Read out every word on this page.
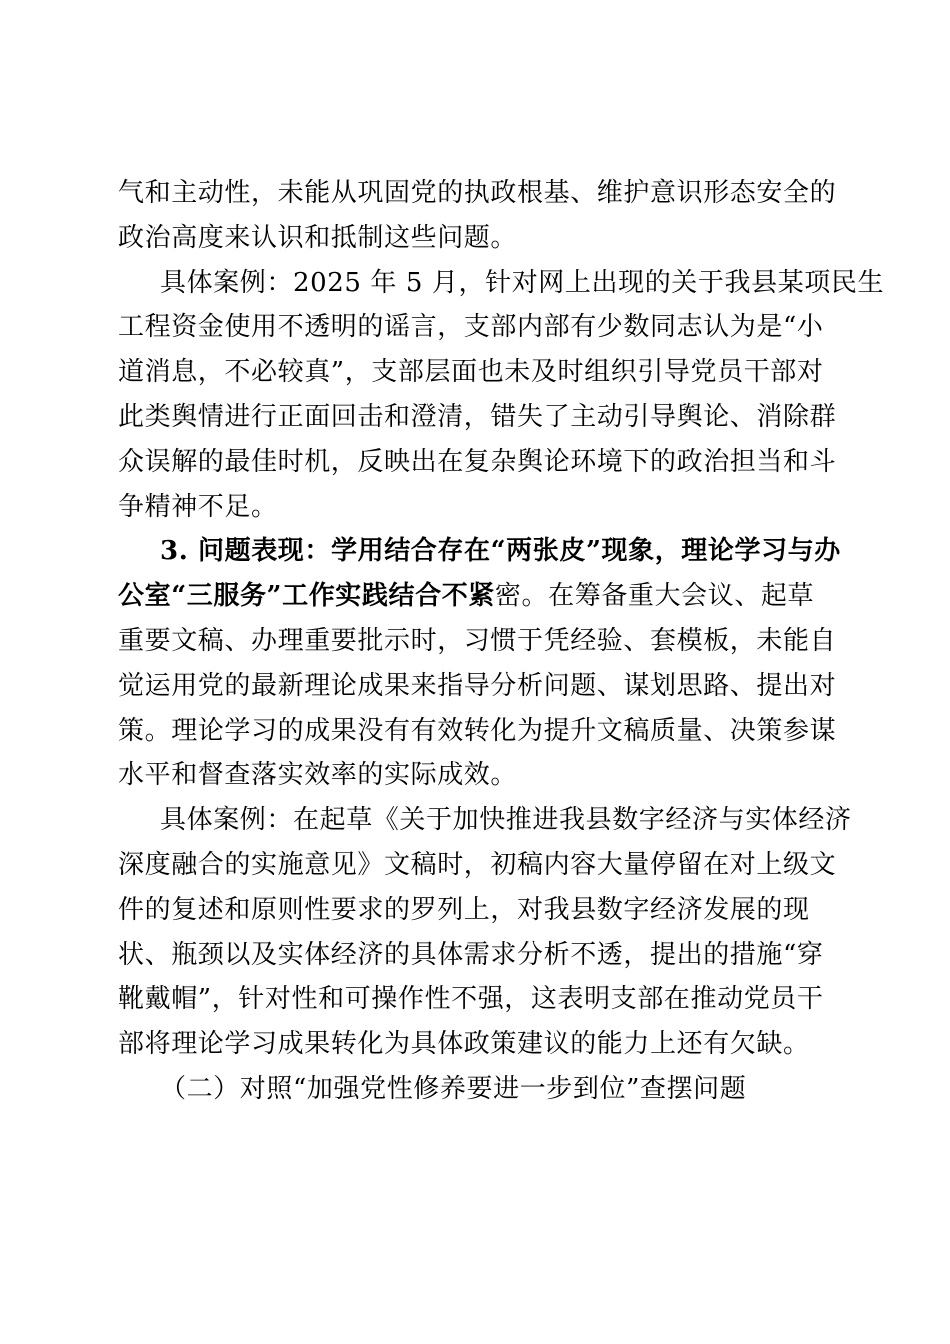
气和主动性，未能从巩固党的执政根基、维护意识形态安全的
政治高度来认识和抵制这些问题。
具体案例：2025 年 5 月，针对网上出现的关于我县某项民生
工程资金使用不透明的谣言，支部内部有少数同志认为是“小
道消息，不必较真”，支部层面也未及时组织引导党员干部对
此类舆情进行正面回击和澄清，错失了主动引导舆论、消除群
众误解的最佳时机，反映出在复杂舆论环境下的政治担当和斗
争精神不足。
3. 问题表现：学用结合存在“两张皮”现象，理论学习与办
公室“三服务”工作实践结合不紧密。在筹备重大会议、起草
重要文稿、办理重要批示时，习惯于凭经验、套模板，未能自
觉运用党的最新理论成果来指导分析问题、谋划思路、提出对
策。理论学习的成果没有有效转化为提升文稿质量、决策参谋
水平和督查落实效率的实际成效。
具体案例：在起草《关于加快推进我县数字经济与实体经济
深度融合的实施意见》文稿时，初稿内容大量停留在对上级文
件的复述和原则性要求的罗列上，对我县数字经济发展的现
状、瓶颈以及实体经济的具体需求分析不透，提出的措施“穿
靴戴帽”，针对性和可操作性不强，这表明支部在推动党员干
部将理论学习成果转化为具体政策建议的能力上还有欠缺。
（二）对照“加强党性修养要进一步到位”查摆问题
